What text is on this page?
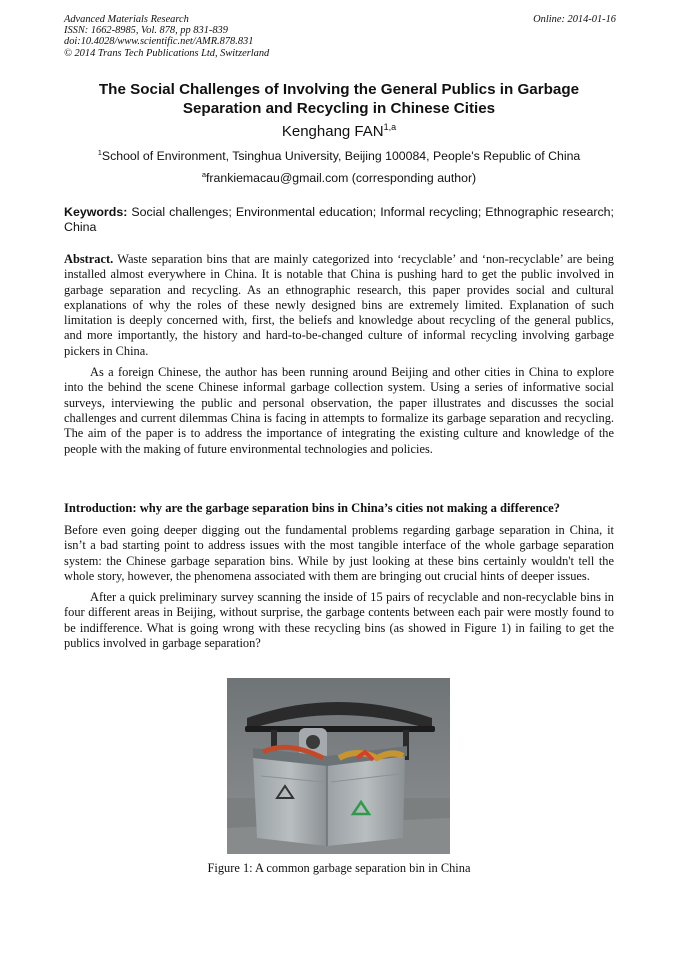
Advanced Materials Research
ISSN: 1662-8985, Vol. 878, pp 831-839
doi:10.4028/www.scientific.net/AMR.878.831
© 2014 Trans Tech Publications Ltd, Switzerland
Online: 2014-01-16
The Social Challenges of Involving the General Publics in Garbage Separation and Recycling in Chinese Cities
Kenghang FAN$^{1,a}$
$^1$School of Environment, Tsinghua University, Beijing 100084, People's Republic of China
$^a$frankiemacau@gmail.com (corresponding author)
Keywords: Social challenges; Environmental education; Informal recycling; Ethnographic research; China

Abstract. Waste separation bins that are mainly categorized into ‘recyclable’ and ‘non-recyclable’ are being installed almost everywhere in China. It is notable that China is pushing hard to get the public involved in garbage separation and recycling. As an ethnographic research, this paper provides social and cultural explanations of why the roles of these newly designed bins are extremely limited. Explanation of such limitation is deeply concerned with, first, the beliefs and knowledge about recycling of the general publics, and more importantly, the history and hard-to-be-changed culture of informal recycling involving garbage pickers in China.

As a foreign Chinese, the author has been running around Beijing and other cities in China to explore into the behind the scene Chinese informal garbage collection system. Using a series of informative social surveys, interviewing the public and personal observation, the paper illustrates and discusses the social challenges and current dilemmas China is facing in attempts to formalize its garbage separation and recycling. The aim of the paper is to address the importance of integrating the existing culture and knowledge of the people with the making of future environmental technologies and policies.

Introduction: why are the garbage separation bins in China’s cities not making a difference?

Before even going deeper digging out the fundamental problems regarding garbage separation in China, it isn’t a bad starting point to address issues with the most tangible interface of the whole garbage separation system: the Chinese garbage separation bins. While by just looking at these bins certainly wouldn't tell the whole story, however, the phenomena associated with them are bringing out crucial hints of deeper issues.

After a quick preliminary survey scanning the inside of 15 pairs of recyclable and non-recyclable bins in four different areas in Beijing, without surprise, the garbage contents between each pair were mostly found to be indifference. What is going wrong with these recycling bins (as showed in Figure 1) in failing to get the publics involved in garbage separation?

Figure 1: A common garbage separation bin in China
